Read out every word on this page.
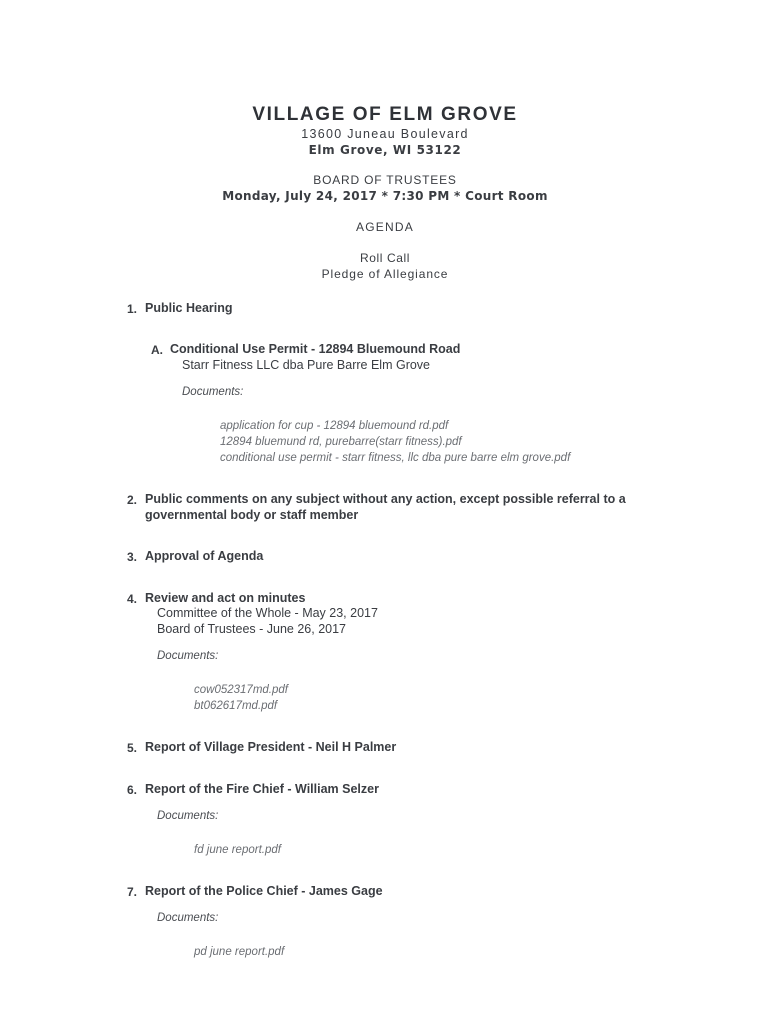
VILLAGE OF ELM GROVE
13600 Juneau Boulevard
Elm Grove, WI 53122
BOARD OF TRUSTEES
Monday, July 24, 2017 * 7:30 PM * Court Room
AGENDA
Roll Call
Pledge of Allegiance
1. Public Hearing
A. Conditional Use Permit - 12894 Bluemound Road
Starr Fitness LLC dba Pure Barre Elm Grove
Documents:
application for cup - 12894 bluemound rd.pdf
12894 bluemund rd, purebarre(starr fitness).pdf
conditional use permit - starr fitness, llc dba pure barre elm grove.pdf
2. Public comments on any subject without any action, except possible referral to a
governmental body or staff member
3. Approval of Agenda
4. Review and act on minutes
Committee of the Whole - May 23, 2017
Board of Trustees - June 26, 2017
Documents:
cow052317md.pdf
bt062617md.pdf
5. Report of Village President - Neil H Palmer
6. Report of the Fire Chief - William Selzer
Documents:
fd june report.pdf
7. Report of the Police Chief - James Gage
Documents:
pd june report.pdf
